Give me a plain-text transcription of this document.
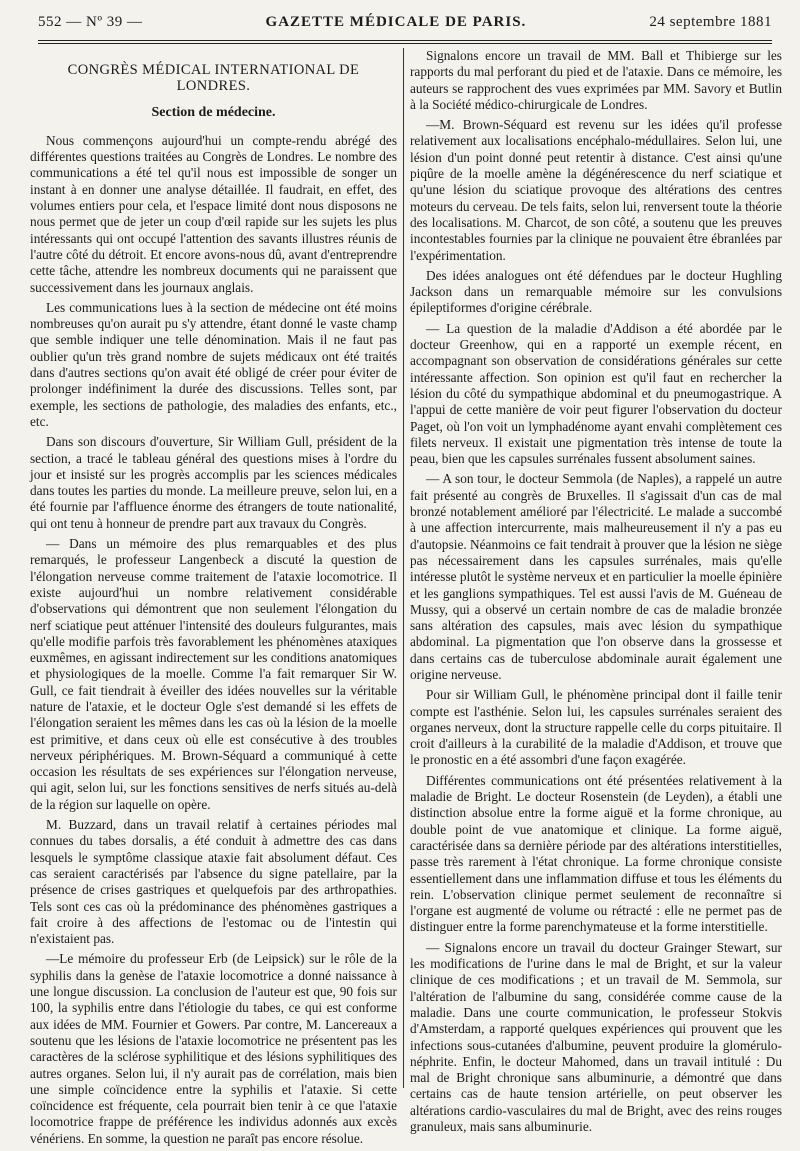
552 — Nº 39 —	GAZETTE MÉDICALE DE PARIS.	24 septembre 1881
CONGRÈS MÉDICAL INTERNATIONAL DE LONDRES.
Section de médecine.

Nous commençons aujourd'hui un compte-rendu abrégé des différentes questions traitées au Congrès de Londres. Le nombre des communications a été tel qu'il nous est impossible de songer un instant à en donner une analyse détaillée. Il faudrait, en effet, des volumes entiers pour cela, et l'espace limité dont nous disposons ne nous permet que de jeter un coup d'œil rapide sur les sujets les plus intéressants qui ont occupé l'attention des savants illustres réunis de l'autre côté du détroit. Et encore avons-nous dû, avant d'entreprendre cette tâche, attendre les nombreux documents qui ne paraissent que successivement dans les journaux anglais.

Les communications lues à la section de médecine ont été moins nombreuses qu'on aurait pu s'y attendre, étant donné le vaste champ que semble indiquer une telle dénomination. Mais il ne faut pas oublier qu'un très grand nombre de sujets médicaux ont été traités dans d'autres sections qu'on avait été obligé de créer pour éviter de prolonger indéfiniment la durée des discussions. Telles sont, par exemple, les sections de pathologie, des maladies des enfants, etc., etc.

Dans son discours d'ouverture, Sir William Gull, président de la section, a tracé le tableau général des questions mises à l'ordre du jour et insisté sur les progrès accomplis par les sciences médicales dans toutes les parties du monde. La meilleure preuve, selon lui, en a été fournie par l'affluence énorme des étrangers de toute nationalité, qui ont tenu à honneur de prendre part aux travaux du Congrès.

— Dans un mémoire des plus remarquables et des plus remarqués, le professeur Langenbeck a discuté la question de l'élongation nerveuse comme traitement de l'ataxie locomotrice. Il existe aujourd'hui un nombre relativement considérable d'observations qui démontrent que non seulement l'élongation du nerf sciatique peut atténuer l'intensité des douleurs fulgurantes, mais qu'elle modifie parfois très favorablement les phénomènes ataxiques euxmêmes, en agissant indirectement sur les conditions anatomiques et physiologiques de la moelle. Comme l'a fait remarquer Sir W. Gull, ce fait tiendrait à éveiller des idées nouvelles sur la véritable nature de l'ataxie, et le docteur Ogle s'est demandé si les effets de l'élongation seraient les mêmes dans les cas où la lésion de la moelle est primitive, et dans ceux où elle est consécutive à des troubles nerveux périphériques. M. Brown-Séquard a communiqué à cette occasion les résultats de ses expériences sur l'élongation nerveuse, qui agit, selon lui, sur les fonctions sensitives de nerfs situés au-delà de la région sur laquelle on opère.

M. Buzzard, dans un travail relatif à certaines périodes mal connues du tabes dorsalis, a été conduit à admettre des cas dans lesquels le symptôme classique ataxie fait absolument défaut. Ces cas seraient caractérisés par l'absence du signe patellaire, par la présence de crises gastriques et quelquefois par des arthropathies. Tels sont ces cas où la prédominance des phénomènes gastriques a fait croire à des affections de l'estomac ou de l'intestin qui n'existaient pas.

—Le mémoire du professeur Erb (de Leipsick) sur le rôle de la syphilis dans la genèse de l'ataxie locomotrice a donné naissance à une longue discussion. La conclusion de l'auteur est que, 90 fois sur 100, la syphilis entre dans l'étiologie du tabes, ce qui est conforme aux idées de MM. Fournier et Gowers. Par contre, M. Lancereaux a soutenu que les lésions de l'ataxie locomotrice ne présentent pas les caractères de la sclérose syphilitique et des lésions syphilitiques des autres organes. Selon lui, il n'y aurait pas de corrélation, mais bien une simple coïncidence entre la syphilis et l'ataxie. Si cette coïncidence est fréquente, cela pourrait bien tenir à ce que l'ataxie locomotrice frappe de préférence les individus adonnés aux excès vénériens. En somme, la question ne paraît pas encore résolue.

Signalons encore un travail de MM. Ball et Thibierge sur les rapports du mal perforant du pied et de l'ataxie. Dans ce mémoire, les auteurs se rapprochent des vues exprimées par MM. Savory et Butlin à la Société médico-chirurgicale de Londres.

—M. Brown-Séquard est revenu sur les idées qu'il professe relativement aux localisations encéphalo-médullaires. Selon lui, une lésion d'un point donné peut retentir à distance. C'est ainsi qu'une piqûre de la moelle amène la dégénérescence du nerf sciatique et qu'une lésion du sciatique provoque des altérations des centres moteurs du cerveau. De tels faits, selon lui, renversent toute la théorie des localisations. M. Charcot, de son côté, a soutenu que les preuves incontestables fournies par la clinique ne pouvaient être ébranlées par l'expérimentation.

Des idées analogues ont été défendues par le docteur Hughling Jackson dans un remarquable mémoire sur les convulsions épileptiformes d'origine cérébrale.

— La question de la maladie d'Addison a été abordée par le docteur Greenhow, qui en a rapporté un exemple récent, en accompagnant son observation de considérations générales sur cette intéressante affection. Son opinion est qu'il faut en rechercher la lésion du côté du sympathique abdominal et du pneumogastrique. A l'appui de cette manière de voir peut figurer l'observation du docteur Paget, où l'on voit un lymphadénome ayant envahi complètement ces filets nerveux. Il existait une pigmentation très intense de toute la peau, bien que les capsules surrénales fussent absolument saines.

— A son tour, le docteur Semmola (de Naples), a rappelé un autre fait présenté au congrès de Bruxelles. Il s'agissait d'un cas de mal bronzé notablement amélioré par l'électricité. Le malade a succombé à une affection intercurrente, mais malheureusement il n'y a pas eu d'autopsie. Néanmoins ce fait tendrait à prouver que la lésion ne siège pas nécessairement dans les capsules surrénales, mais qu'elle intéresse plutôt le système nerveux et en particulier la moelle épinière et les ganglions sympathiques. Tel est aussi l'avis de M. Guéneau de Mussy, qui a observé un certain nombre de cas de maladie bronzée sans altération des capsules, mais avec lésion du sympathique abdominal. La pigmentation que l'on observe dans la grossesse et dans certains cas de tuberculose abdominale aurait également une origine nerveuse.

Pour sir William Gull, le phénomène principal dont il faille tenir compte est l'asthénie. Selon lui, les capsules surrénales seraient des organes nerveux, dont la structure rappelle celle du corps pituitaire. Il croit d'ailleurs à la curabilité de la maladie d'Addison, et trouve que le pronostic en a été assombri d'une façon exagérée.

Différentes communications ont été présentées relativement à la maladie de Bright. Le docteur Rosenstein (de Leyden), a établi une distinction absolue entre la forme aiguë et la forme chronique, au double point de vue anatomique et clinique. La forme aiguë, caractérisée dans sa dernière période par des altérations interstitielles, passe très rarement à l'état chronique. La forme chronique consiste essentiellement dans une inflammation diffuse et tous les éléments du rein. L'observation clinique permet seulement de reconnaître si l'organe est augmenté de volume ou rétracté : elle ne permet pas de distinguer entre la forme parenchymateuse et la forme interstitielle.

— Signalons encore un travail du docteur Grainger Stewart, sur les modifications de l'urine dans le mal de Bright, et sur la valeur clinique de ces modifications ; et un travail de M. Semmola, sur l'altération de l'albumine du sang, considérée comme cause de la maladie. Dans une courte communication, le professeur Stokvis d'Amsterdam, a rapporté quelques expériences qui prouvent que les infections sous-cutanées d'albumine, peuvent produire la glomérulo-néphrite. Enfin, le docteur Mahomed, dans un travail intitulé : Du mal de Bright chronique sans albuminurie, a démontré que dans certains cas de haute tension artérielle, on peut observer les altérations cardio-vasculaires du mal de Bright, avec des reins rouges granuleux, mais sans albuminurie.
